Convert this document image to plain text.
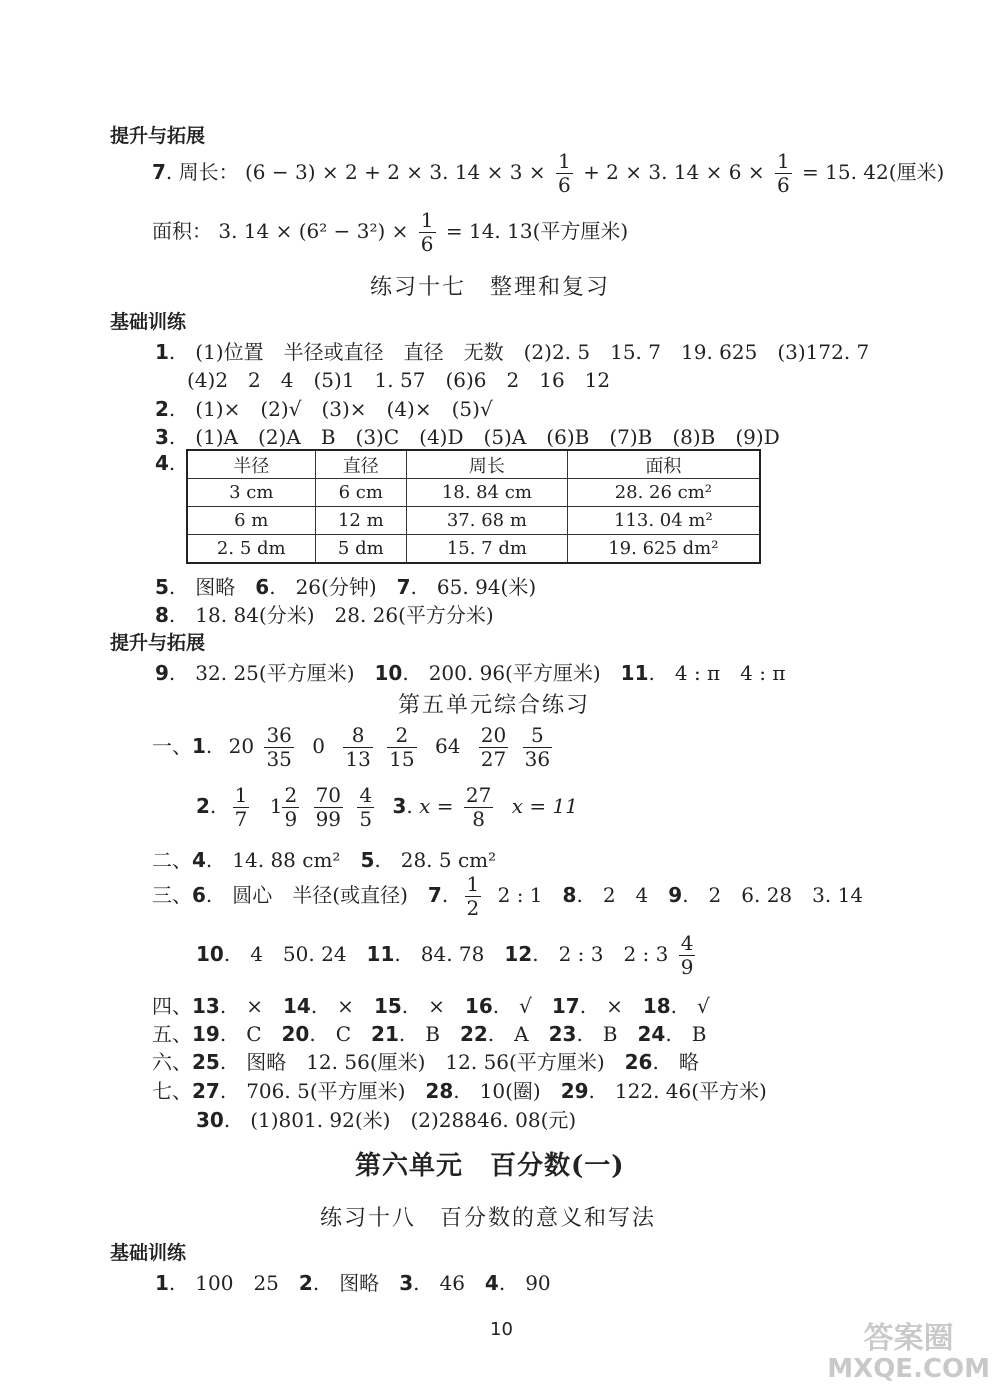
提升与拓展
7. 周长： (6 − 3) × 2 + 2 × 3. $14 \times 3 \times \frac{1}{6} + 2 \times 3$. $14 \times 6 \times \frac{1}{6} = 15$. 42(厘米)
面积： 3. $14 \times (6^2 - 3^2) \times \frac{1}{6} = 14$. 13(平方厘米)
练习十七　整理和复习
基础训练
1.　(1)位置　半径或直径　直径　无数　(2)2. 5　15. 7　19. 625　(3)172. 7
(4)2　2　4　(5)1　1. 57　(6)6　2　16　12
2.　(1)×　(2)√　(3)×　(4)×　(5)√
3.　(1)A　(2)A　B　(3)C　(4)D　(5)A　(6)B　(7)B　(8)B　(9)D
4.	半径	直径	周长	面积
3 cm	6 cm	18. 84 cm	28. 26 cm²
6 m	12 m	37. 68 m	113. 04 m²
2. 5 dm	5 dm	15. 7 dm	19. 625 dm²
5.　图略　 6.　26(分钟)　 7.　65. 94(米)
8.　18. 84(分米)　28. 26(平方分米)
提升与拓展
9.　32. 25(平方厘米)　 10.　200. 96(平方厘米)　 11.　4 : π　4 : π
第五单元综合练习
一、1. $20 \frac{36}{35} 0 \frac{8}{13}$
$\frac{2}{15} 64 \frac{20}{27}$
$\frac{5}{36}$
2. $\frac{1}{7} 1 \frac{2}{9}$
$\frac{70}{99}$
$\frac{4}{5} 3$. $x = \frac{27}{8}$ x = 11
二、4.　14. 88 cm²　 5.　28. 5 cm²
三、6.　圆心　半径(或直径)　 7. $\frac{1}{2} 2$ : 1　 8.　2　4　 9.　2　6. 28　3. 14
10.　4　50. 24　 11.　84. 78　 12.　2 : 3　2 : $3 \frac{4}{9}$
四、13.　×　 14.　×　 15.　×　 16.　√　 17.　×　 18.　√
五、19.　C　 20.　C　 21.　B　 22.　A　 23.　B　 24.　B
六、25.　图略　12. 56(厘米)　12. 56(平方厘米)　 26.　略
七、27.　706. 5(平方厘米)　 28.　10(圈)　 29.　122. 46(平方米)
30.　(1)801. 92(米)　(2)28846. 08(元)
第六单元　百分数(一)
练习十八　百分数的意义和写法
基础训练
1.　100　25　 2.　图略　 3.　46　 4.　90
10	答案圈
MXQE.COM
